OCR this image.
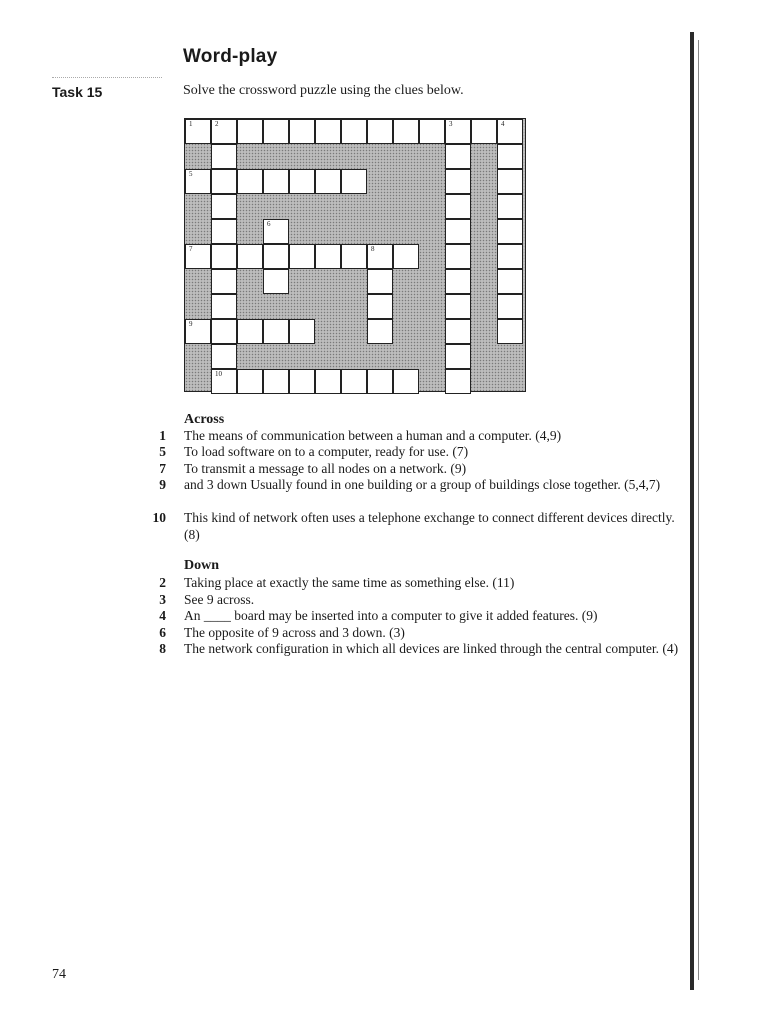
Word-play
Task 15	Solve the crossword puzzle using the clues below.
1	2	3	4
5
6
7	8
9
10
Across
1 The means of communication between a human and a computer. (4,9)
5 To load software on to a computer, ready for use. (7)
7 To transmit a message to all nodes on a network. (9)
9 and 3 down Usually found in one building or a group of buildings close together. (5,4,7)
10 This kind of network often uses a telephone exchange to connect different devices directly. (8)
Down
2 Taking place at exactly the same time as something else. (11)
3 See 9 across.
4 An ____ board may be inserted into a computer to give it added features. (9)
6 The opposite of 9 across and 3 down. (3)
8 The network configuration in which all devices are linked through the central computer. (4)
74
